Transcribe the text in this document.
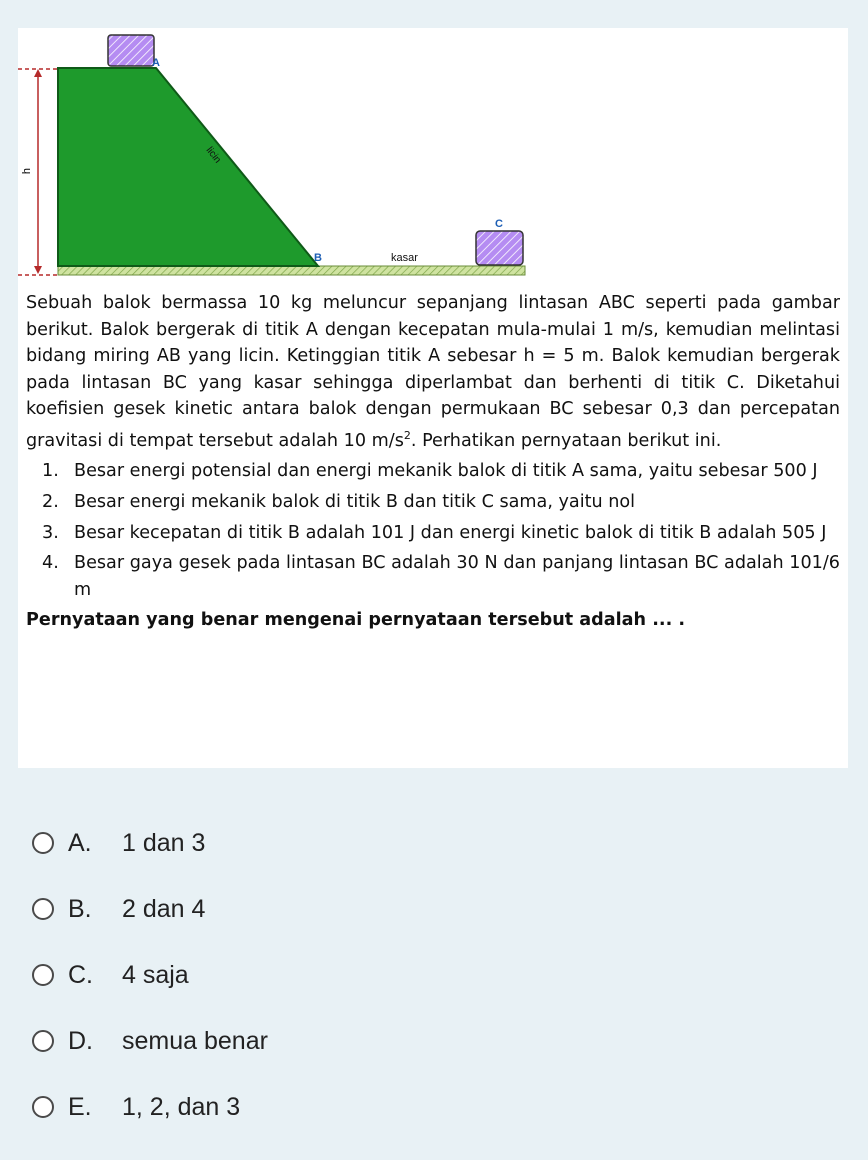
h
A
B
C
licin
kasar

Sebuah balok bermassa 10 kg meluncur sepanjang lintasan ABC seperti pada gambar berikut. Balok bergerak di titik A dengan kecepatan mula-mulai 1 m/s, kemudian melintasi bidang miring AB yang licin. Ketinggian titik A sebesar h = 5 m. Balok kemudian bergerak pada lintasan BC yang kasar sehingga diperlambat dan berhenti di titik C. Diketahui koefisien gesek kinetic antara balok dengan permukaan BC sebesar 0,3 dan percepatan gravitasi di tempat tersebut adalah 10 $m/s^2$. Perhatikan pernyataan berikut ini.

1. Besar energi potensial dan energi mekanik balok di titik A sama, yaitu sebesar 500 J
2. Besar energi mekanik balok di titik B dan titik C sama, yaitu nol
3. Besar kecepatan di titik B adalah 101 J dan energi kinetic balok di titik B adalah 505 J
4. Besar gaya gesek pada lintasan BC adalah 30 N dan panjang lintasan BC adalah 101/6 m

Pernyataan yang benar mengenai pernyataan tersebut adalah ... .

A.	1 dan 3
B.	2 dan 4
C.	4 saja
D.	semua benar
E.	1, 2, dan 3
